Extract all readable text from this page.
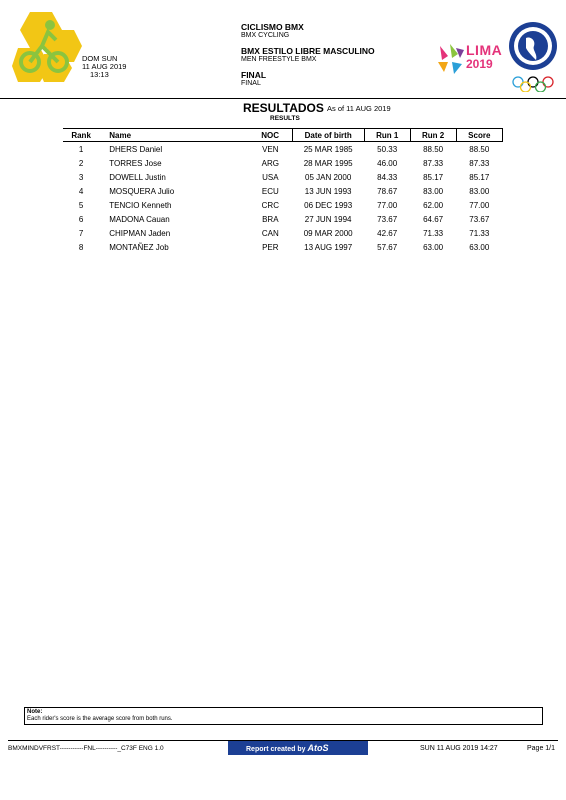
DOM SUN
11 AUG 2019
13:13
CICLISMO BMX
BMX CYCLING
BMX ESTILO LIBRE MASCULINO
MEN FREESTYLE BMX
FINAL
FINAL
LIMA
2019
RESULTADOS As of 11 AUG 2019
RESULTS
Rank	Name	NOC	Date of birth	Run 1	Run 2	Score
1	DHERS Daniel	VEN	25 MAR 1985	50.33	88.50	88.50
2	TORRES Jose	ARG	28 MAR 1995	46.00	87.33	87.33
3	DOWELL Justin	USA	05 JAN 2000	84.33	85.17	85.17
4	MOSQUERA Julio	ECU	13 JUN 1993	78.67	83.00	83.00
5	TENCIO Kenneth	CRC	06 DEC 1993	77.00	62.00	77.00
6	MADONA Cauan	BRA	27 JUN 1994	73.67	64.67	73.67
7	CHIPMAN Jaden	CAN	09 MAR 2000	42.67	71.33	71.33
8	MONTAÑEZ Job	PER	13 AUG 1997	57.67	63.00	63.00
Note:
Each rider's score is the average score from both runs.
BMXMINDVFRST-----------FNL----------_C73F ENG 1.0	Report created by AtoS	SUN 11 AUG 2019 14:27	Page 1/1
